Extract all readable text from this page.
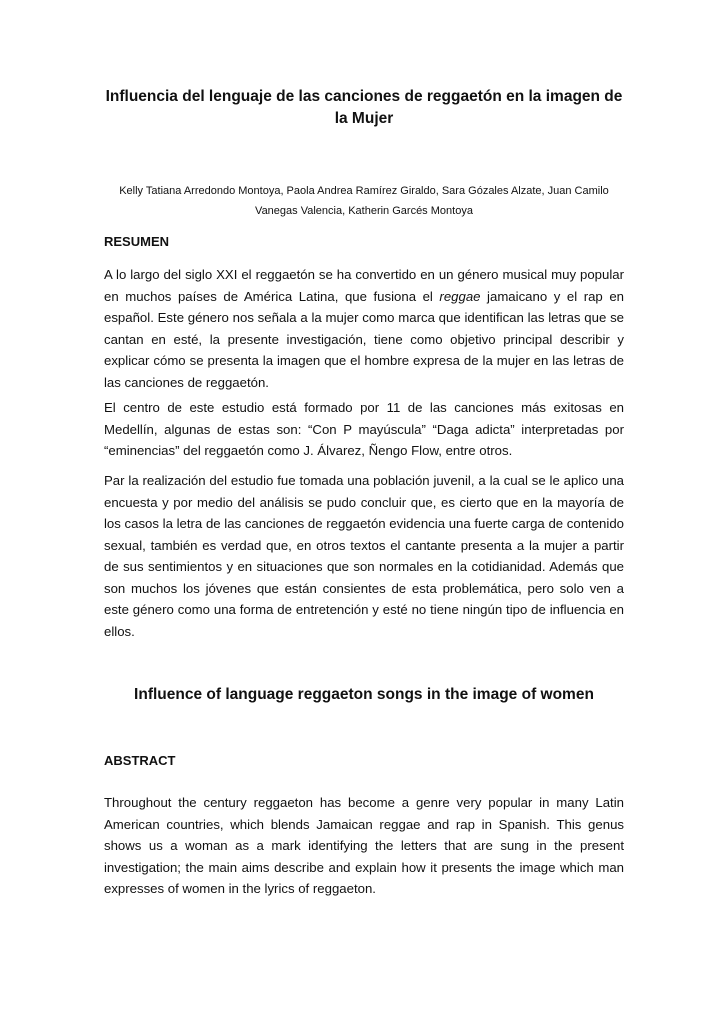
Influencia del lenguaje de las canciones de reggaetón en la imagen de la Mujer
Kelly Tatiana Arredondo Montoya, Paola Andrea Ramírez Giraldo, Sara Gózales Alzate, Juan Camilo Vanegas Valencia, Katherin Garcés Montoya
RESUMEN

A lo largo del siglo XXI el reggaetón se ha convertido en un género musical muy popular en muchos países de América Latina, que fusiona el reggae jamaicano y el rap en español. Este género nos señala a la mujer como marca que identifican las letras que se cantan en esté, la presente investigación, tiene como objetivo principal describir y explicar cómo se presenta la imagen que el hombre expresa de la mujer en las letras de las canciones de reggaetón.

El centro de este estudio está formado por 11 de las canciones más exitosas en Medellín, algunas de estas son: “Con P mayúscula” “Daga adicta” interpretadas por “eminencias” del reggaetón como J. Álvarez, Ñengo Flow, entre otros.

Par la realización del estudio fue tomada una población juvenil, a la cual se le aplico una encuesta y por medio del análisis se pudo concluir que, es cierto que en la mayoría de los casos la letra de las canciones de reggaetón evidencia una fuerte carga de contenido sexual, también es verdad que, en otros textos el cantante presenta a la mujer a partir de sus sentimientos y en situaciones que son normales en la cotidianidad. Además que son muchos los jóvenes que están consientes de esta problemática, pero solo ven a este género como una forma de entretención y esté no tiene ningún tipo de influencia en ellos.

Influence of language reggaeton songs in the image of women
ABSTRACT

Throughout the century reggaeton has become a genre very popular in many Latin American countries, which blends Jamaican reggae and rap in Spanish. This genus shows us a woman as a mark identifying the letters that are sung in the present investigation; the main aims describe and explain how it presents the image which man expresses of women in the lyrics of reggaeton.
